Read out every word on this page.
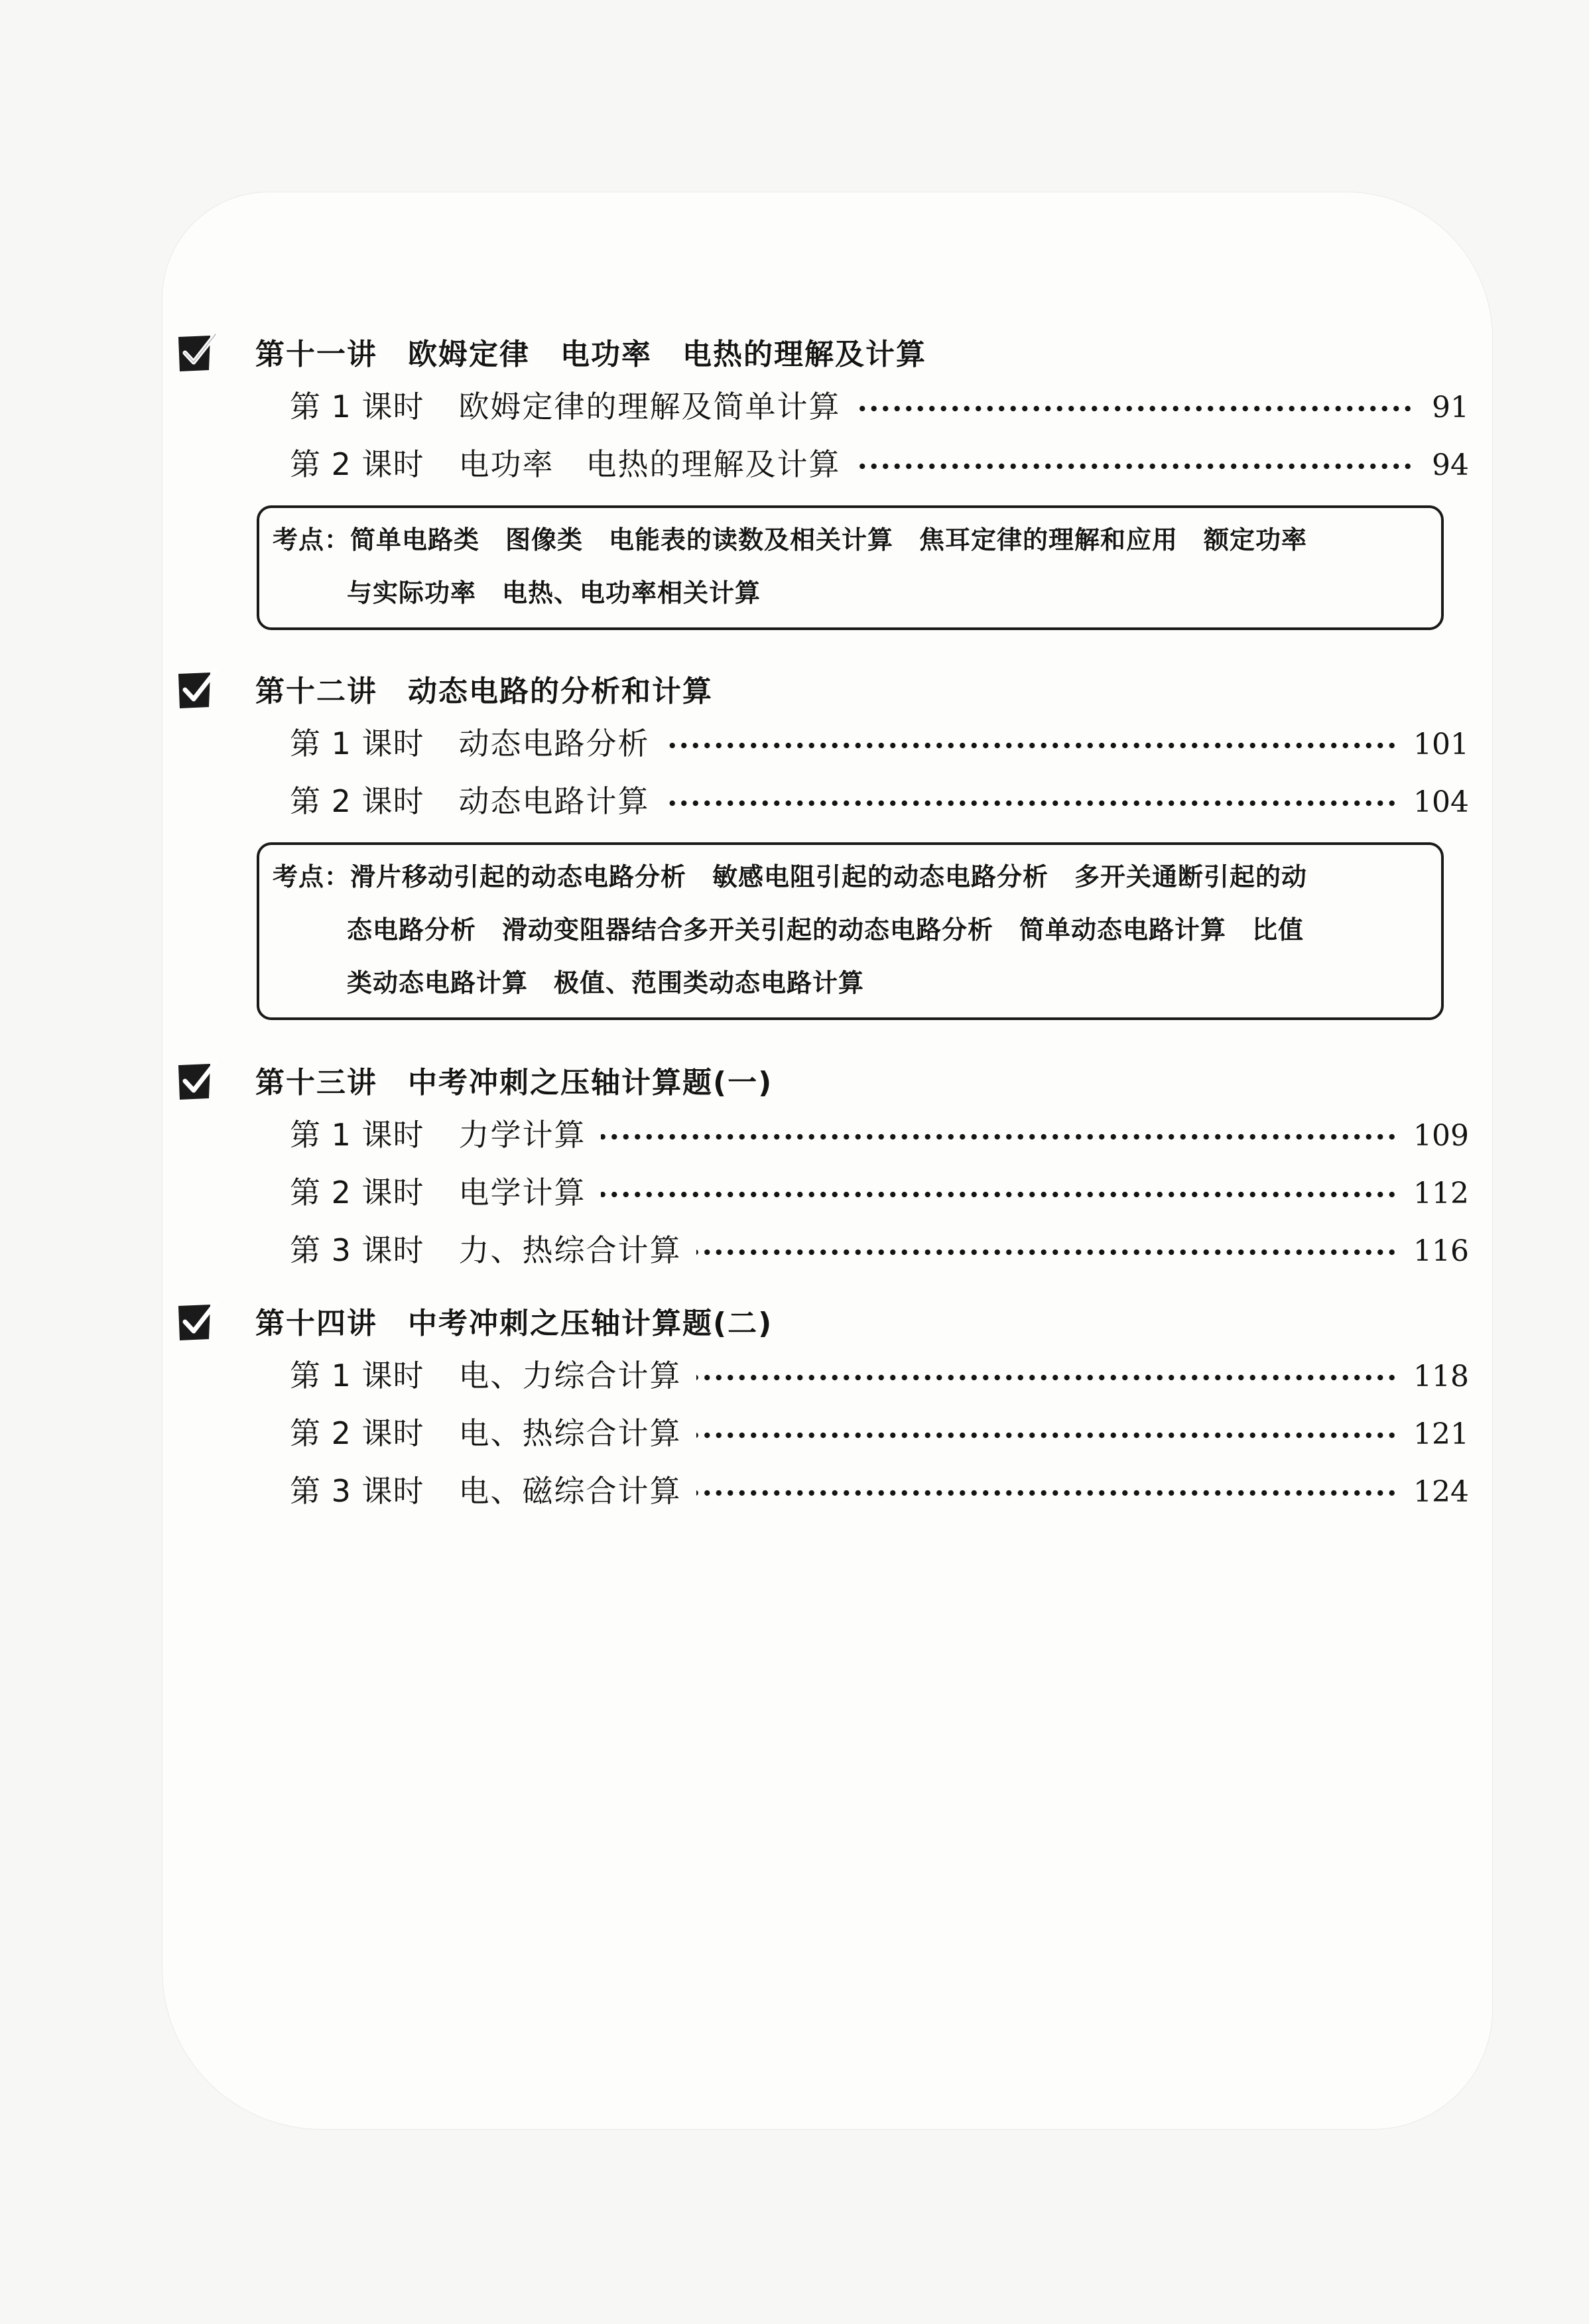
第十一讲　欧姆定律　电功率　电热的理解及计算
第 1 课时 欧姆定律的理解及简单计算	91
第 2 课时 电功率　电热的理解及计算	94
考点：简单电路类　图像类　电能表的读数及相关计算　焦耳定律的理解和应用　额定功率
与实际功率　电热、电功率相关计算
第十二讲　动态电路的分析和计算
第 1 课时 动态电路分析	101
第 2 课时 动态电路计算	104
考点：滑片移动引起的动态电路分析　敏感电阻引起的动态电路分析　多开关通断引起的动
态电路分析　滑动变阻器结合多开关引起的动态电路分析　简单动态电路计算　比值
类动态电路计算　极值、范围类动态电路计算
第十三讲　中考冲刺之压轴计算题(一)
第 1 课时 力学计算	109
第 2 课时 电学计算	112
第 3 课时 力、热综合计算	116
第十四讲　中考冲刺之压轴计算题(二)
第 1 课时 电、力综合计算	118
第 2 课时 电、热综合计算	121
第 3 课时 电、磁综合计算	124
